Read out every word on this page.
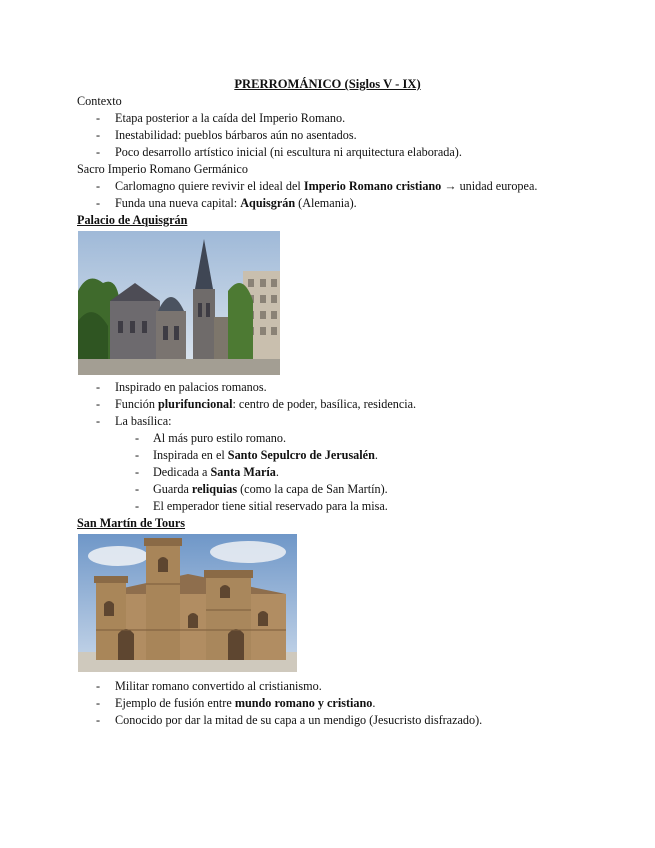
PRERROMÁNICO (Siglos V - IX)
Contexto
- Etapa posterior a la caída del Imperio Romano.
- Inestabilidad: pueblos bárbaros aún no asentados.
- Poco desarrollo artístico inicial (ni escultura ni arquitectura elaborada).
Sacro Imperio Romano Germánico
- Carlomagno quiere revivir el ideal del Imperio Romano cristiano → unidad europea.
- Funda una nueva capital: Aquisgrán (Alemania).
Palacio de Aquisgrán
- Inspirado en palacios romanos.
- Función plurifuncional: centro de poder, basílica, residencia.
- La basílica:
- Al más puro estilo romano.
- Inspirada en el Santo Sepulcro de Jerusalén.
- Dedicada a Santa María.
- Guarda reliquias (como la capa de San Martín).
- El emperador tiene sitial reservado para la misa.
San Martín de Tours
- Militar romano convertido al cristianismo.
- Ejemplo de fusión entre mundo romano y cristiano.
- Conocido por dar la mitad de su capa a un mendigo (Jesucristo disfrazado).
